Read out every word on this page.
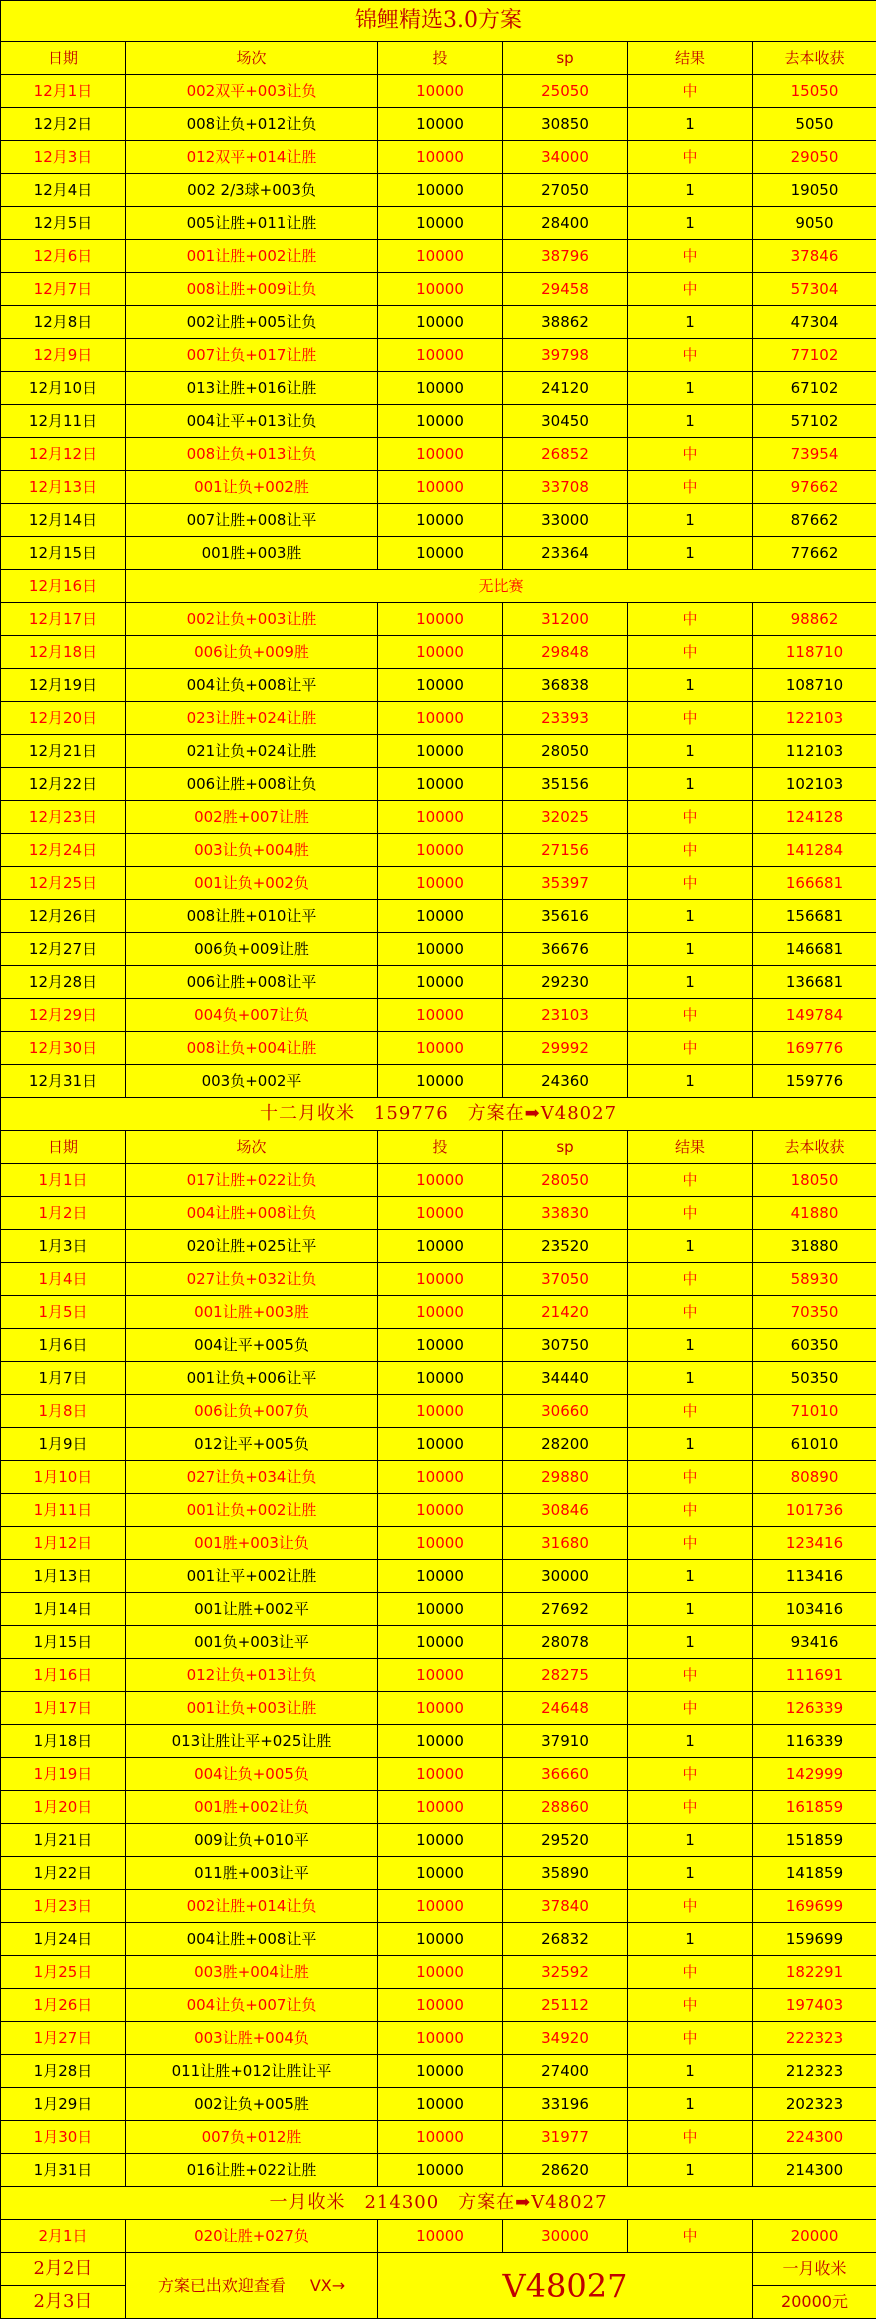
锦鲤精选3.0方案					
日期	场次	投	sp	结果	去本收获
12月1日	002双平+003让负	10000	25050	中	15050
12月2日	008让负+012让负	10000	30850	1	5050
12月3日	012双平+014让胜	10000	34000	中	29050
12月4日	002 2/3球+003负	10000	27050	1	19050
12月5日	005让胜+011让胜	10000	28400	1	9050
12月6日	001让胜+002让胜	10000	38796	中	37846
12月7日	008让胜+009让负	10000	29458	中	57304
12月8日	002让胜+005让负	10000	38862	1	47304
12月9日	007让负+017让胜	10000	39798	中	77102
12月10日	013让胜+016让胜	10000	24120	1	67102
12月11日	004让平+013让负	10000	30450	1	57102
12月12日	008让负+013让负	10000	26852	中	73954
12月13日	001让负+002胜	10000	33708	中	97662
12月14日	007让胜+008让平	10000	33000	1	87662
12月15日	001胜+003胜	10000	23364	1	77662
12月16日	无比赛				
12月17日	002让负+003让胜	10000	31200	中	98862
12月18日	006让负+009胜	10000	29848	中	118710
12月19日	004让负+008让平	10000	36838	1	108710
12月20日	023让胜+024让胜	10000	23393	中	122103
12月21日	021让负+024让胜	10000	28050	1	112103
12月22日	006让胜+008让负	10000	35156	1	102103
12月23日	002胜+007让胜	10000	32025	中	124128
12月24日	003让负+004胜	10000	27156	中	141284
12月25日	001让负+002负	10000	35397	中	166681
12月26日	008让胜+010让平	10000	35616	1	156681
12月27日	006负+009让胜	10000	36676	1	146681
12月28日	006让胜+008让平	10000	29230	1	136681
12月29日	004负+007让负	10000	23103	中	149784
12月30日	008让负+004让胜	10000	29992	中	169776
12月31日	003负+002平	10000	24360	1	159776
十二月收米　159776　方案在➡V48027					
日期	场次	投	sp	结果	去本收获
1月1日	017让胜+022让负	10000	28050	中	18050
1月2日	004让胜+008让负	10000	33830	中	41880
1月3日	020让胜+025让平	10000	23520	1	31880
1月4日	027让负+032让负	10000	37050	中	58930
1月5日	001让胜+003胜	10000	21420	中	70350
1月6日	004让平+005负	10000	30750	1	60350
1月7日	001让负+006让平	10000	34440	1	50350
1月8日	006让负+007负	10000	30660	中	71010
1月9日	012让平+005负	10000	28200	1	61010
1月10日	027让负+034让负	10000	29880	中	80890
1月11日	001让负+002让胜	10000	30846	中	101736
1月12日	001胜+003让负	10000	31680	中	123416
1月13日	001让平+002让胜	10000	30000	1	113416
1月14日	001让胜+002平	10000	27692	1	103416
1月15日	001负+003让平	10000	28078	1	93416
1月16日	012让负+013让负	10000	28275	中	111691
1月17日	001让负+003让胜	10000	24648	中	126339
1月18日	013让胜让平+025让胜	10000	37910	1	116339
1月19日	004让负+005负	10000	36660	中	142999
1月20日	001胜+002让负	10000	28860	中	161859
1月21日	009让负+010平	10000	29520	1	151859
1月22日	011胜+003让平	10000	35890	1	141859
1月23日	002让胜+014让负	10000	37840	中	169699
1月24日	004让胜+008让平	10000	26832	1	159699
1月25日	003胜+004让胜	10000	32592	中	182291
1月26日	004让负+007让负	10000	25112	中	197403
1月27日	003让胜+004负	10000	34920	中	222323
1月28日	011让胜+012让胜让平	10000	27400	1	212323
1月29日	002让负+005胜	10000	33196	1	202323
1月30日	007负+012胜	10000	31977	中	224300
1月31日	016让胜+022让胜	10000	28620	1	214300
一月收米　214300　方案在➡V48027					
2月1日	020让胜+027负	10000	30000	中	20000
2月2日	方案已出欢迎查看 VX→	V48027			一月收米
2月3日					20000元
